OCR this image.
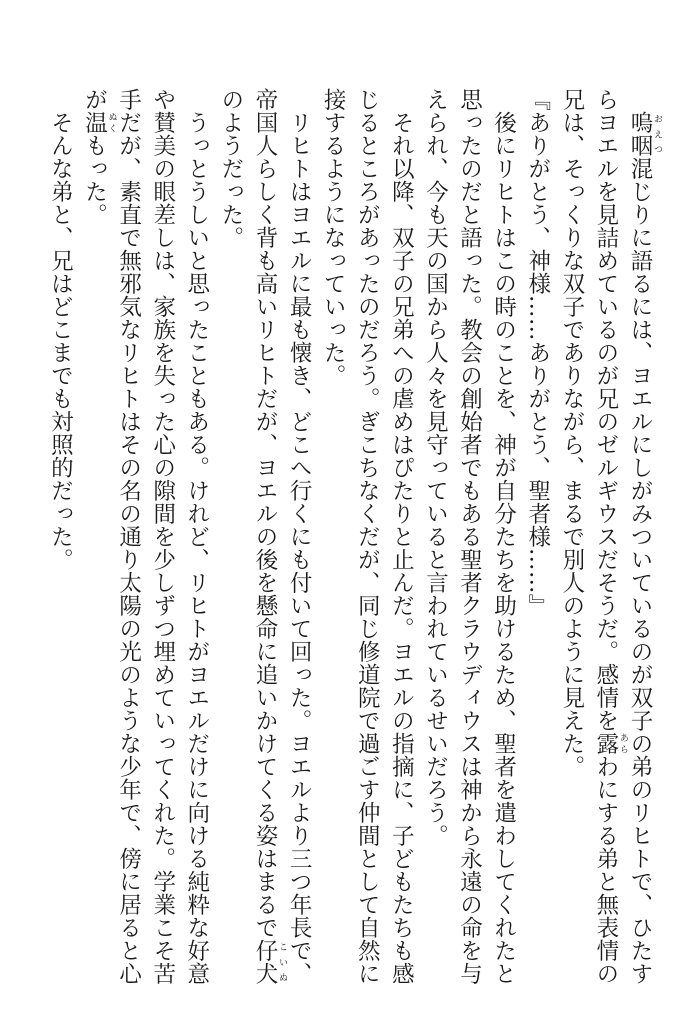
嗚咽 おえつ混じりに語るには、ヨエルにしがみついているのが双子の弟のリヒトで、ひたすらヨエルを見詰めているのが兄のゼルギウスだそうだ。感情を露 あらわにする弟と無表情の兄は、そっくりな双子でありながら、まるで別人のように見えた。

『ありがとう、神様……ありがとう、聖者様……』

後にリヒトはこの時のことを、神が自分たちを助けるため、聖者を遣わしてくれたと思ったのだと語った。教会の創始者でもある聖者クラウディウスは神から永遠の命を与えられ、今も天の国から人々を見守っていると言われているせいだろう。

それ以降、双子の兄弟への虐めはぴたりと止んだ。ヨエルの指摘に、子どもたちも感じるところがあったのだろう。ぎこちなくだが、同じ修道院で過ごす仲間として自然に接するようになっていった。

リヒトはヨエルに最も懐き、どこへ行くにも付いて回った。ヨエルより三つ年長で、帝国人らしく背も高いリヒトだが、ヨエルの後を懸命に追いかけてくる姿はまるで仔犬 こいぬのようだった。

うっとうしいと思ったこともある。けれど、リヒトがヨエルだけに向ける純粋な好意や賛美の眼差しは、家族を失った心の隙間を少しずつ埋めていってくれた。学業こそ苦手だが、素直で無邪気なリヒトはその名の通り太陽の光のような少年で、傍に居ると心が温 ぬくもった。

そんな弟と、兄はどこまでも対照的だった。
